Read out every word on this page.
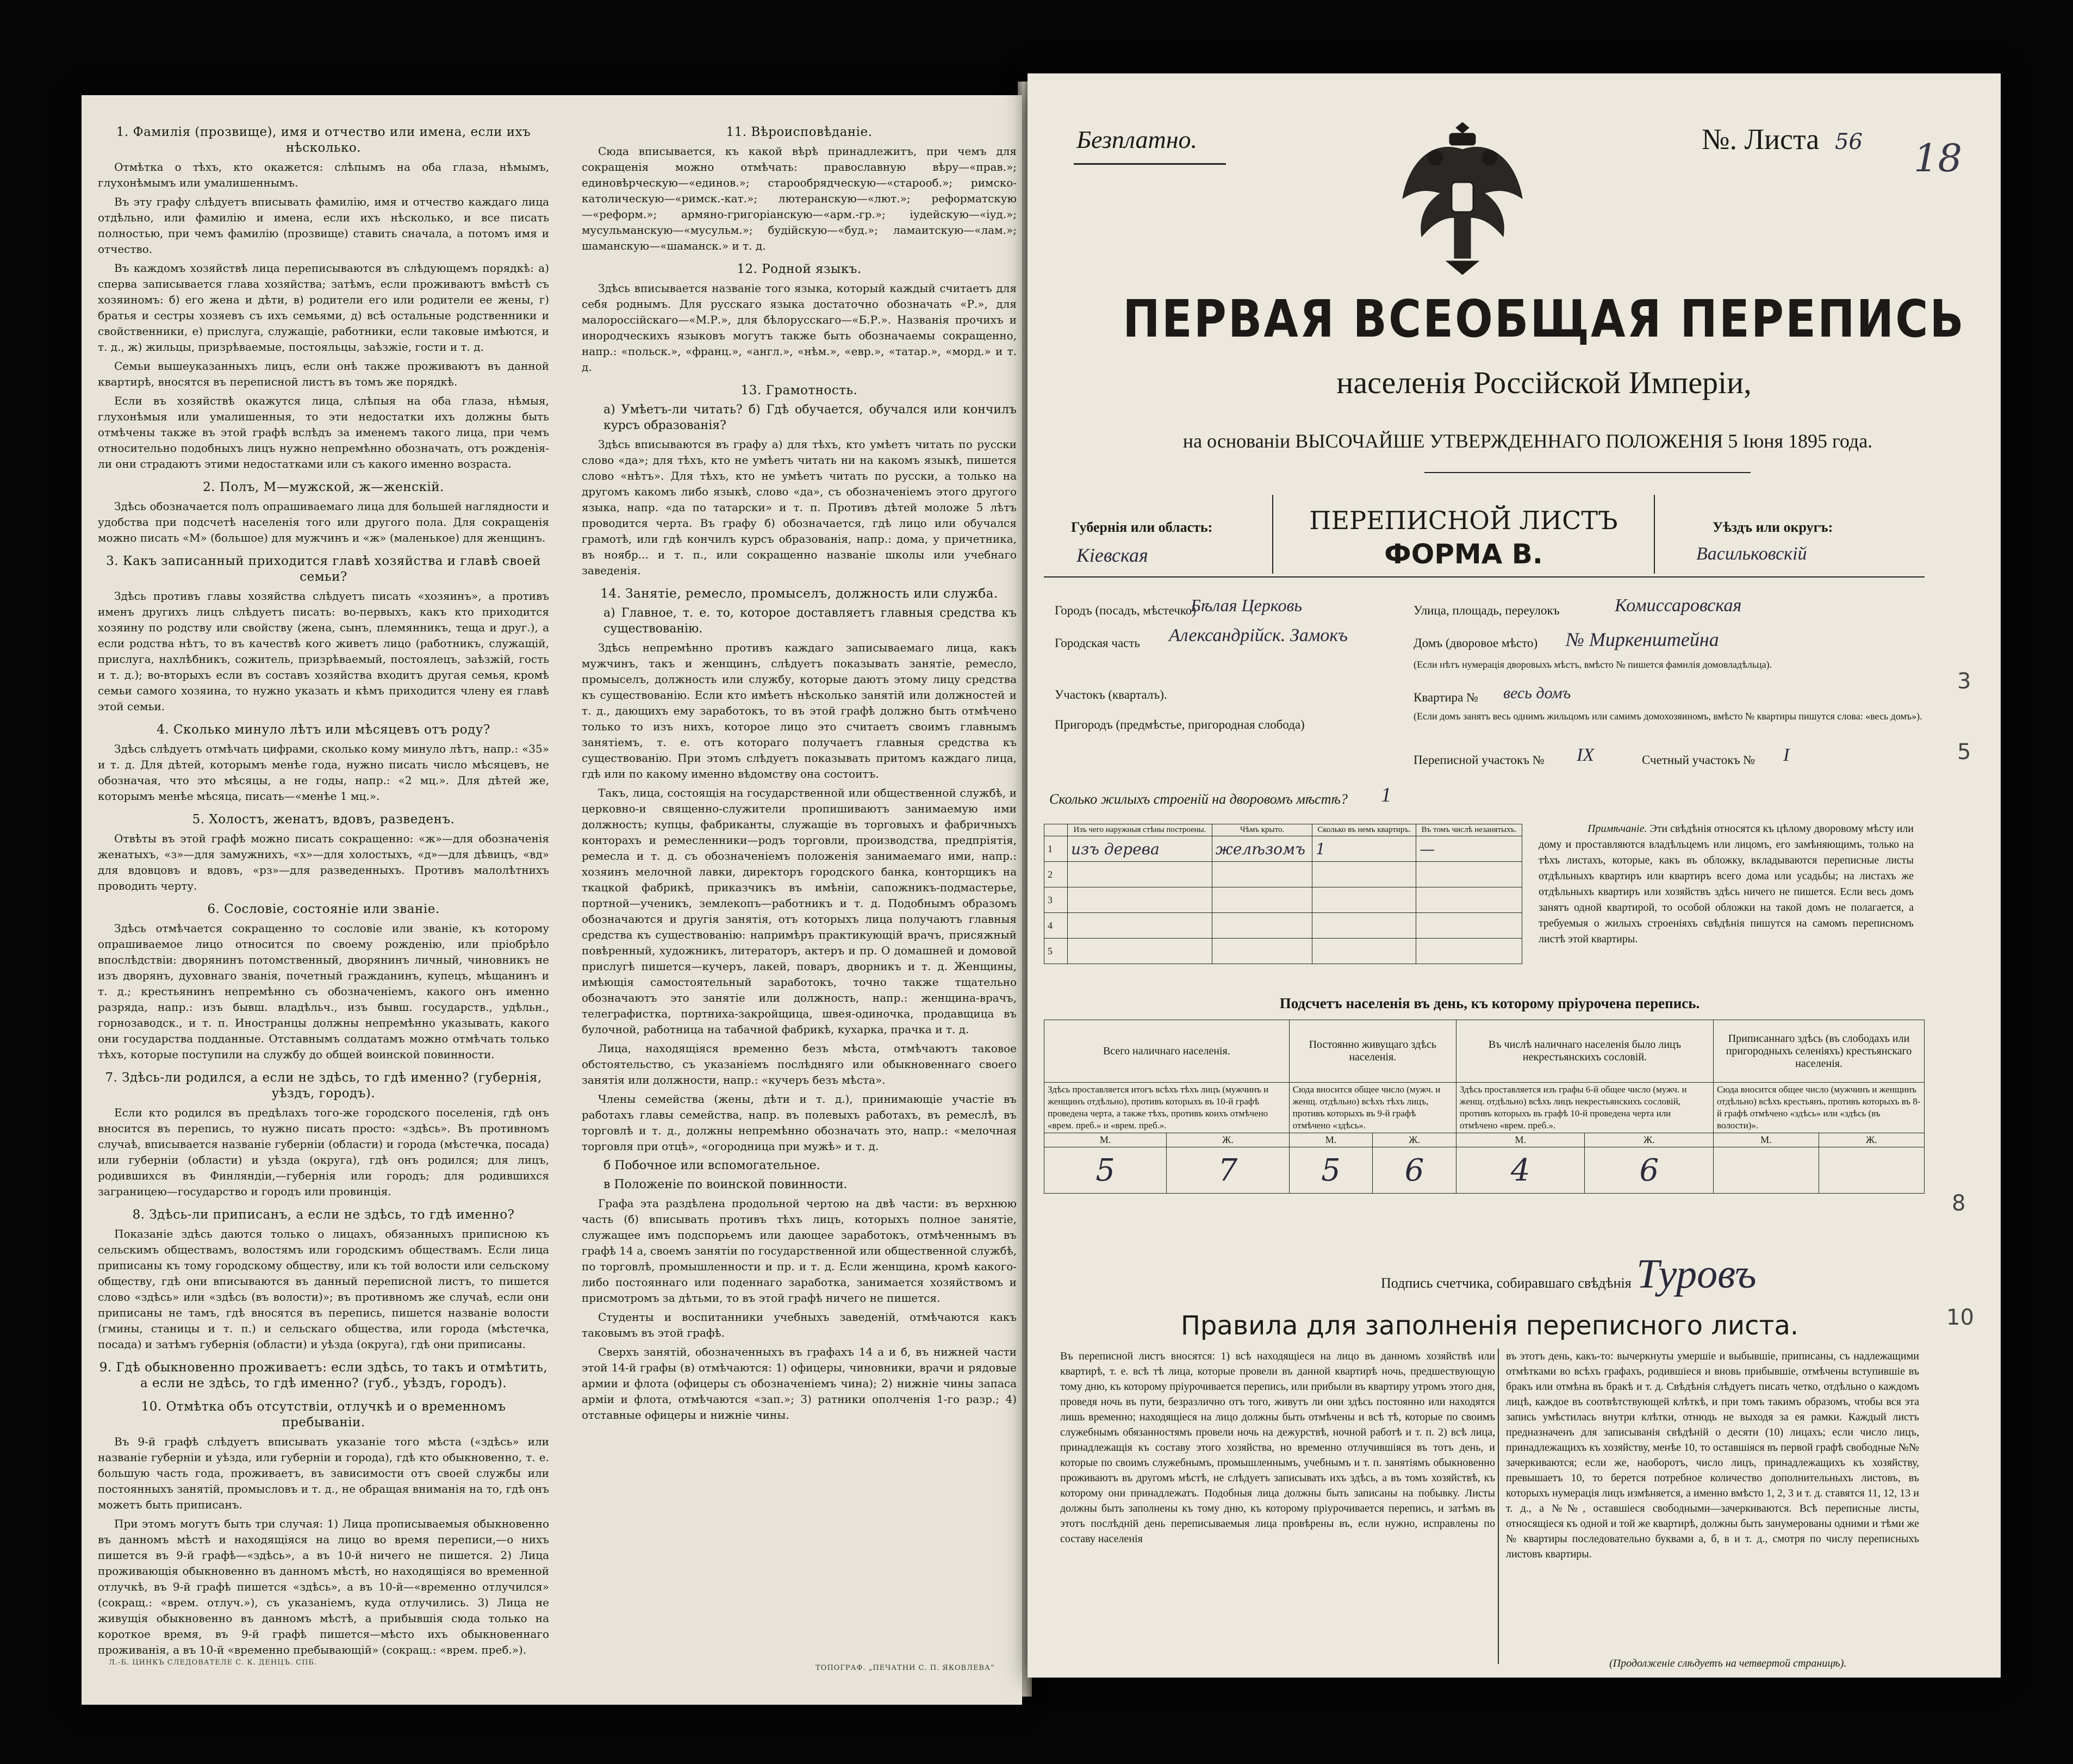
1. Фамилія (прозвище), имя и отчество или имена, если ихъ нѣсколько.

Отмѣтка о тѣхъ, кто окажется: слѣпымъ на оба глаза, нѣмымъ, глухонѣмымъ или умалишеннымъ.

Въ эту графу слѣдуетъ вписывать фамилію, имя и отчество каждаго лица отдѣльно, или фамилію и имена, если ихъ нѣсколько, и все писать полностью, при чемъ фамилію (прозвище) ставить сначала, а потомъ имя и отчество.

Въ каждомъ хозяйствѣ лица переписываются въ слѣдующемъ порядкѣ: а) сперва записывается глава хозяйства; затѣмъ, если проживаютъ вмѣстѣ съ хозяиномъ: б) его жена и дѣти, в) родители его или родители ее жены, г) братья и сестры хозяевъ съ ихъ семьями, д) всѣ остальные родственники и свойственники, е) прислуга, служащіе, работники, если таковые имѣются, и т. д., ж) жильцы, призрѣваемые, постояльцы, заѣзжіе, гости и т. д.

Семьи вышеуказанныхъ лицъ, если онѣ также проживаютъ въ данной квартирѣ, вносятся въ переписной листъ въ томъ же порядкѣ.

Если въ хозяйствѣ окажутся лица, слѣпыя на оба глаза, нѣмыя, глухонѣмыя или умалишенныя, то эти недостатки ихъ должны быть отмѣчены также въ этой графѣ вслѣдъ за именемъ такого лица, при чемъ относительно подобныхъ лицъ нужно непремѣнно обозначать, отъ рожденія-ли они страдаютъ этими недостатками или съ какого именно возраста.

2. Полъ, М—мужской, ж—женскій.

Здѣсь обозначается полъ опрашиваемаго лица для большей наглядности и удобства при подсчетѣ населенія того или другого пола. Для сокращенія можно писать «М» (большое) для мужчинъ и «ж» (маленькое) для женщинъ.

3. Какъ записанный приходится главѣ хозяйства и главѣ своей семьи?

Здѣсь противъ главы хозяйства слѣдуетъ писать «хозяинъ», а противъ именъ другихъ лицъ слѣдуетъ писать: во-первыхъ, какъ кто приходится хозяину по родству или свойству (жена, сынъ, племянникъ, теща и друг.), а если родства нѣтъ, то въ качествѣ кого живетъ лицо (работникъ, служащій, прислуга, нахлѣбникъ, сожитель, призрѣваемый, постоялецъ, заѣзжій, гость и т. д.); во-вторыхъ если въ составъ хозяйства входитъ другая семья, кромѣ семьи самого хозяина, то нужно указать и кѣмъ приходится члену ея главѣ этой семьи.

4. Сколько минуло лѣтъ или мѣсяцевъ отъ роду?

Здѣсь слѣдуетъ отмѣчать цифрами, сколько кому минуло лѣтъ, напр.: «35» и т. д. Для дѣтей, которымъ менѣе года, нужно писать число мѣсяцевъ, не обозначая, что это мѣсяцы, а не годы, напр.: «2 мц.». Для дѣтей же, которымъ менѣе мѣсяца, писать—«менѣе 1 мц.».

5. Холостъ, женатъ, вдовъ, разведенъ.

Отвѣты въ этой графѣ можно писать сокращенно: «ж»—для обозначенія женатыхъ, «з»—для замужнихъ, «х»—для холостыхъ, «д»—для дѣвицъ, «вд» для вдовцовъ и вдовъ, «рз»—для разведенныхъ. Противъ малолѣтнихъ проводить черту.

6. Сословіе, состояніе или званіе.

Здѣсь отмѣчается сокращенно то сословіе или званіе, къ которому опрашиваемое лицо относится по своему рожденію, или пріобрѣло впослѣдствіи: дворянинъ потомственный, дворянинъ личный, чиновникъ не изъ дворянъ, духовнаго званія, почетный гражданинъ, купецъ, мѣщанинъ и т. д.; крестьянинъ непремѣнно съ обозначеніемъ, какого онъ именно разряда, напр.: изъ бывш. владѣльч., изъ бывш. государств., удѣльн., горнозаводск., и т. п. Иностранцы должны непремѣнно указывать, какого они государства подданные. Отставнымъ солдатамъ можно отмѣчать только тѣхъ, которые поступили на службу до общей воинской повинности.

7. Здѣсь-ли родился, а если не здѣсь, то гдѣ именно? (губернія, уѣздъ, городъ).

Если кто родился въ предѣлахъ того-же городского поселенія, гдѣ онъ вносится въ перепись, то нужно писать просто: «здѣсь». Въ противномъ случаѣ, вписывается названіе губерніи (области) и города (мѣстечка, посада) или губерніи (области) и уѣзда (округа), гдѣ онъ родился; для лицъ, родившихся въ Финляндіи,—губернія или городъ; для родившихся заграницею—государство и городъ или провинція.

8. Здѣсь-ли приписанъ, а если не здѣсь, то гдѣ именно?

Показаніе здѣсь даются только о лицахъ, обязанныхъ приписною къ сельскимъ обществамъ, волостямъ или городскимъ обществамъ. Если лица приписаны къ тому городскому обществу, или къ той волости или сельскому обществу, гдѣ они вписываются въ данный переписной листъ, то пишется слово «здѣсь» или «здѣсь (въ волости)»; въ противномъ же случаѣ, если они приписаны не тамъ, гдѣ вносятся въ перепись, пишется названіе волости (гмины, станицы и т. п.) и сельскаго общества, или города (мѣстечка, посада) и затѣмъ губернія (области) и уѣзда (округа), гдѣ они приписаны.

9. Гдѣ обыкновенно проживаетъ: если здѣсь, то такъ и отмѣтить, а если не здѣсь, то гдѣ именно? (губ., уѣздъ, городъ).
10. Отмѣтка объ отсутствіи, отлучкѣ и о временномъ пребываніи.

Въ 9-й графѣ слѣдуетъ вписывать указаніе того мѣста («здѣсь» или названіе губерніи и уѣзда, или губерніи и города), гдѣ кто обыкновенно, т. е. большую часть года, проживаетъ, въ зависимости отъ своей службы или постоянныхъ занятій, промысловъ и т. д., не обращая вниманія на то, гдѣ онъ можетъ быть приписанъ.

При этомъ могутъ быть три случая: 1) Лица прописываемыя обыкновенно въ данномъ мѣстѣ и находящіяся на лицо во время переписи,—о нихъ пишется въ 9-й графѣ—«здѣсь», а въ 10-й ничего не пишется. 2) Лица проживающія обыкновенно въ данномъ мѣстѣ, но находящіяся во временной отлучкѣ, въ 9-й графѣ пишется «здѣсь», а въ 10-й—«временно отлучился» (сокращ.: «врем. отлуч.»), съ указаніемъ, куда отлучились. 3) Лица не живущія обыкновенно въ данномъ мѣстѣ, а прибывшія сюда только на короткое время, въ 9-й графѣ пишется—мѣсто ихъ обыкновеннаго проживанія, а въ 10-й «временно пребывающій» (сокращ.: «врем. преб.»).

11. Вѣроисповѣданіе.

Сюда вписывается, къ какой вѣрѣ принадлежитъ, при чемъ для сокращенія можно отмѣчать: православную вѣру—«прав.»; единовѣрческую—«единов.»; старообрядческую—«старооб.»; римско-католическую—«римск.-кат.»; лютеранскую—«лют.»; реформатскую—«реформ.»; армяно-григоріанскую—«арм.-гр.»; іудейскую—«іуд.»; мусульманскую—«мусульм.»; будійскую—«буд.»; ламаитскую—«лам.»; шаманскую—«шаманск.» и т. д.

12. Родной языкъ.

Здѣсь вписывается названіе того языка, который каждый считаетъ для себя роднымъ. Для русскаго языка достаточно обозначать «Р.», для малороссійскаго—«М.Р.», для бѣлорусскаго—«Б.Р.». Названія прочихъ и инородческихъ языковъ могутъ также быть обозначаемы сокращенно, напр.: «польск.», «франц.», «англ.», «нѣм.», «евр.», «татар.», «морд.» и т. д.

13. Грамотность.
а) Умѣетъ-ли читать? б) Гдѣ обучается, обучался или кончилъ курсъ образованія?

Здѣсь вписываются въ графу а) для тѣхъ, кто умѣетъ читать по русски слово «да»; для тѣхъ, кто не умѣетъ читать ни на какомъ языкѣ, пишется слово «нѣтъ». Для тѣхъ, кто не умѣетъ читать по русски, а только на другомъ какомъ либо языкѣ, слово «да», съ обозначеніемъ этого другого языка, напр. «да по татарски» и т. п. Противъ дѣтей моложе 5 лѣтъ проводится черта. Въ графу б) обозначается, гдѣ лицо или обучался грамотѣ, или гдѣ кончилъ курсъ образованія, напр.: дома, у причетника, въ ноябр... и т. п., или сокращенно названіе школы или учебнаго заведенія.

14. Занятіе, ремесло, промыселъ, должность или служба.
а) Главное, т. е. то, которое доставляетъ главныя средства къ существованію.

Здѣсь непремѣнно противъ каждаго записываемаго лица, какъ мужчинъ, такъ и женщинъ, слѣдуетъ показывать занятіе, ремесло, промыселъ, должность или службу, которые даютъ этому лицу средства къ существованію. Если кто имѣетъ нѣсколько занятій или должностей и т. д., дающихъ ему заработокъ, то въ этой графѣ должно быть отмѣчено только то изъ нихъ, которое лицо это считаетъ своимъ главнымъ занятіемъ, т. е. отъ котораго получаетъ главныя средства къ существованію. При этомъ слѣдуетъ показывать притомъ каждаго лица, гдѣ или по какому именно вѣдомству она состоитъ.

Такъ, лица, состоящія на государственной или общественной службѣ, и церковно-и священно-служители пропишиваютъ занимаемую ими должность; купцы, фабриканты, служащіе въ торговыхъ и фабричныхъ конторахъ и ремесленники—родъ торговли, производства, предпріятія, ремесла и т. д. съ обозначеніемъ положенія занимаемаго ими, напр.: хозяинъ мелочной лавки, директоръ городского банка, конторщикъ на ткацкой фабрикѣ, приказчикъ въ имѣніи, сапожникъ-подмастерье, портной—ученикъ, землекопъ—работникъ и т. д. Подобнымъ образомъ обозначаются и другія занятія, отъ которыхъ лица получаютъ главныя средства къ существованію: напримѣръ практикующій врачъ, присяжный повѣренный, художникъ, литераторъ, актеръ и пр. О домашней и домовой прислугѣ пишется—кучеръ, лакей, поваръ, дворникъ и т. д. Женщины, имѣющія самостоятельный заработокъ, точно также тщательно обозначаютъ это занятіе или должность, напр.: женщина-врачъ, телеграфистка, портниха-закройщица, швея-одиночка, продавщица въ булочной, работница на табачной фабрикѣ, кухарка, прачка и т. д.

Лица, находящіяся временно безъ мѣста, отмѣчаютъ таковое обстоятельство, съ указаніемъ послѣдняго или обыкновеннаго своего занятія или должности, напр.: «кучеръ безъ мѣста».

Члены семейства (жены, дѣти и т. д.), принимающіе участіе въ работахъ главы семейства, напр. въ полевыхъ работахъ, въ ремеслѣ, въ торговлѣ и т. д., должны непремѣнно обозначать это, напр.: «мелочная торговля при отцѣ», «огородница при мужѣ» и т. д.

б Побочное или вспомогательное.
в Положеніе по воинской повинности.

Графа эта раздѣлена продольной чертою на двѣ части: въ верхнюю часть (б) вписывать противъ тѣхъ лицъ, которыхъ полное занятіе, служащее имъ подспорьемъ или дающее заработокъ, отмѣченнымъ въ графѣ 14 а, своемъ занятіи по государственной или общественной службѣ, по торговлѣ, промышленности и пр. и т. д. Если женщина, кромѣ какого-либо постояннаго или поденнаго заработка, занимается хозяйствомъ и присмотромъ за дѣтьми, то въ этой графѣ ничего не пишется.

Студенты и воспитанники учебныхъ заведеній, отмѣчаются какъ таковымъ въ этой графѣ.

Сверхъ занятій, обозначенныхъ въ графахъ 14 а и б, въ нижней части этой 14-й графы (в) отмѣчаются: 1) офицеры, чиновники, врачи и рядовые армии и флота (офицеры съ обозначеніемъ чина); 2) нижніе чины запаса арміи и флота, отмѣчаются «зап.»; 3) ратники ополченія 1-го разр.; 4) отставные офицеры и нижніе чины.

Л.-Б. ЦИНКЪ СЛЕДОВАТЕЛЕ С. К. ДЕНЦЪ. СПБ.
ТОПОГРАФ. „ПЕЧАТНИ С. П. ЯКОВЛЕВА“
Безплатно.	№. Листа 56 18
ПЕРВАЯ ВСЕОБЩАЯ ПЕРЕПИСЬ
населенія Россійской Имперіи,
на основаніи ВЫСОЧАЙШЕ УТВЕРЖДЕННАГО ПОЛОЖЕНІЯ 5 Іюня 1895 года.
Губернія или область:
Кіевская
ПЕРЕПИСНОЙ ЛИСТЪ
ФОРМА В.
Уѣздъ или округъ:
Васильковскій
Городъ (посадъ, мѣстечко)
Бѣлая Церковь
Городская часть Александрійск. Замокъ
Участокъ (кварталъ).
Пригородъ (предмѣстье, пригородная слобода)
Улица, площадь, переулокъ	Комиссаровская
Домъ (дворовое мѣсто) № Миркенштейна
(Если нѣтъ нумерація дворовыхъ мѣстъ, вмѣсто № пишется фамилія домовладѣльца).
Квартира № весь домъ
(Если домъ занятъ весь однимъ жильцомъ или самимъ домохозяиномъ, вмѣсто № квартиры пишутся слова: «весь домъ»).
Переписной участокъ № IX	Счетный участокъ № I
Сколько жилыхъ строеній на дворовомъ мѣстѣ? 1
	Изъ чего наружныя стѣны построены.	Чѣмъ крыто.	Сколько въ немъ квартиръ.	Въ томъ числѣ незанятыхъ.
1	изъ дерева	желѣзомъ	1	—
2				
3				
4				
5				
Примѣчаніе. Эти свѣдѣнія относятся къ цѣлому дворовому мѣсту или дому и проставляются владѣльцемъ или лицомъ, его замѣняющимъ, только на тѣхъ листахъ, которые, какъ въ обложку, вкладываются переписные листы отдѣльныхъ квартиръ или квартиръ всего дома или усадьбы; на листахъ же отдѣльныхъ квартиръ или хозяйствъ здѣсь ничего не пишется. Если весь домъ занятъ одной квартирой, то особой обложки на такой домъ не полагается, а требуемыя о жилыхъ строеніяхъ свѣдѣнія пишутся на самомъ переписномъ листѣ этой квартиры.
Подсчетъ населенія въ день, къ которому пріурочена перепись.
Всего наличнаго населенія.		Постоянно живущаго здѣсь населенія.		Въ числѣ наличнаго населенія было лицъ некрестьянскихъ сословій.		Приписаннаго здѣсь (въ слободахъ или пригородныхъ селеніяхъ) крестьянскаго населенія.	
Здѣсь проставляется итогъ всѣхъ тѣхъ лицъ (мужчинъ и женщинъ отдѣльно), противъ которыхъ въ 10-й графѣ проведена черта, а также тѣхъ, противъ коихъ отмѣчено «врем. преб.» и «врем. преб.».		Сюда вносится общее число (мужч. и женщ. отдѣльно) всѣхъ тѣхъ лицъ, противъ которыхъ въ 9-й графѣ отмѣчено «здѣсь».		Здѣсь проставляется изъ графы 6-й общее число (мужч. и женщ. отдѣльно) всѣхъ лицъ некрестьянскихъ сословій, противъ которыхъ въ графѣ 10-й проведена черта или отмѣчено «врем. преб.».		Сюда вносится общее число (мужчинъ и женщинъ отдѣльно) всѣхъ крестьянъ, противъ которыхъ въ 8-й графѣ отмѣчено «здѣсь» или «здѣсь (въ волости)».	
М.	Ж.	М.	Ж.	М.	Ж.	М.	Ж.
5	7	5	6	4	6		
Подпись счетчика, собиравшаго свѣдѣнія Туровъ
Правила для заполненія переписного листа.
Въ переписной листъ вносятся: 1) всѣ находящіеся на лицо въ данномъ хозяйствѣ или квартирѣ, т. е. всѣ тѣ лица, которые провели въ данной квартирѣ ночь, предшествующую тому дню, къ которому пріурочивается перепись, или прибыли въ квартиру утромъ этого дня, проведя ночь въ пути, безразлично отъ того, живутъ ли они здѣсь постоянно или находятся лишь временно; находящіеся на лицо должны быть отмѣчены и всѣ тѣ, которые по своимъ служебнымъ обязанностямъ провели ночь на дежурствѣ, ночной работѣ и т. п. 2) всѣ лица, принадлежащія къ составу этого хозяйства, но временно отлучившіяся въ тотъ день, и которые по своимъ служебнымъ, промышленнымъ, учебнымъ и т. п. занятіямъ обыкновенно проживаютъ въ другомъ мѣстѣ, не слѣдуетъ записывать ихъ здѣсь, а въ томъ хозяйствѣ, къ которому они принадлежатъ. Подобныя лица должны быть записаны на побывку. Листы должны быть заполнены къ тому дню, къ которому пріурочивается перепись, и затѣмъ въ этотъ послѣдній день переписываемыя лица провѣрены въ, если нужно, исправлены по составу населенія
въ этотъ день, какъ-то: вычеркнуты умершіе и выбывшіе, приписаны, съ надлежащими отмѣтками во всѣхъ графахъ, родившіеся и вновь прибывшіе, отмѣчены вступившіе въ бракъ или отмѣна въ бракѣ и т. д. Свѣдѣнія слѣдуетъ писать четко, отдѣльно о каждомъ лицѣ, каждое въ соотвѣтствующей клѣткѣ, и при томъ такимъ образомъ, чтобы вся эта запись умѣстилась внутри клѣтки, отнюдь не выходя за ея рамки. Каждый листъ предназначенъ для записыванія свѣдѣній о десяти (10) лицахъ; если число лицъ, принадлежащихъ къ хозяйству, менѣе 10, то оставшіяся въ первой графѣ свободные №№ зачеркиваются; если же, наоборотъ, число лицъ, принадлежащихъ къ хозяйству, превышаетъ 10, то берется потребное количество дополнительныхъ листовъ, въ которыхъ нумерація лицъ измѣняется, а именно вмѣсто 1, 2, 3 и т. д. ставятся 11, 12, 13 и т. д., а №№, оставшіеся свободными—зачеркиваются. Всѣ переписные листы, относящіеся къ одной и той же квартирѣ, должны быть занумерованы одними и тѣми же № квартиры последовательно буквами а, б, в и т. д., смотря по числу переписныхъ листовъ квартиры.
(Продолженіе слѣдуетъ на четвертой страницѣ).
3
5
8
10
